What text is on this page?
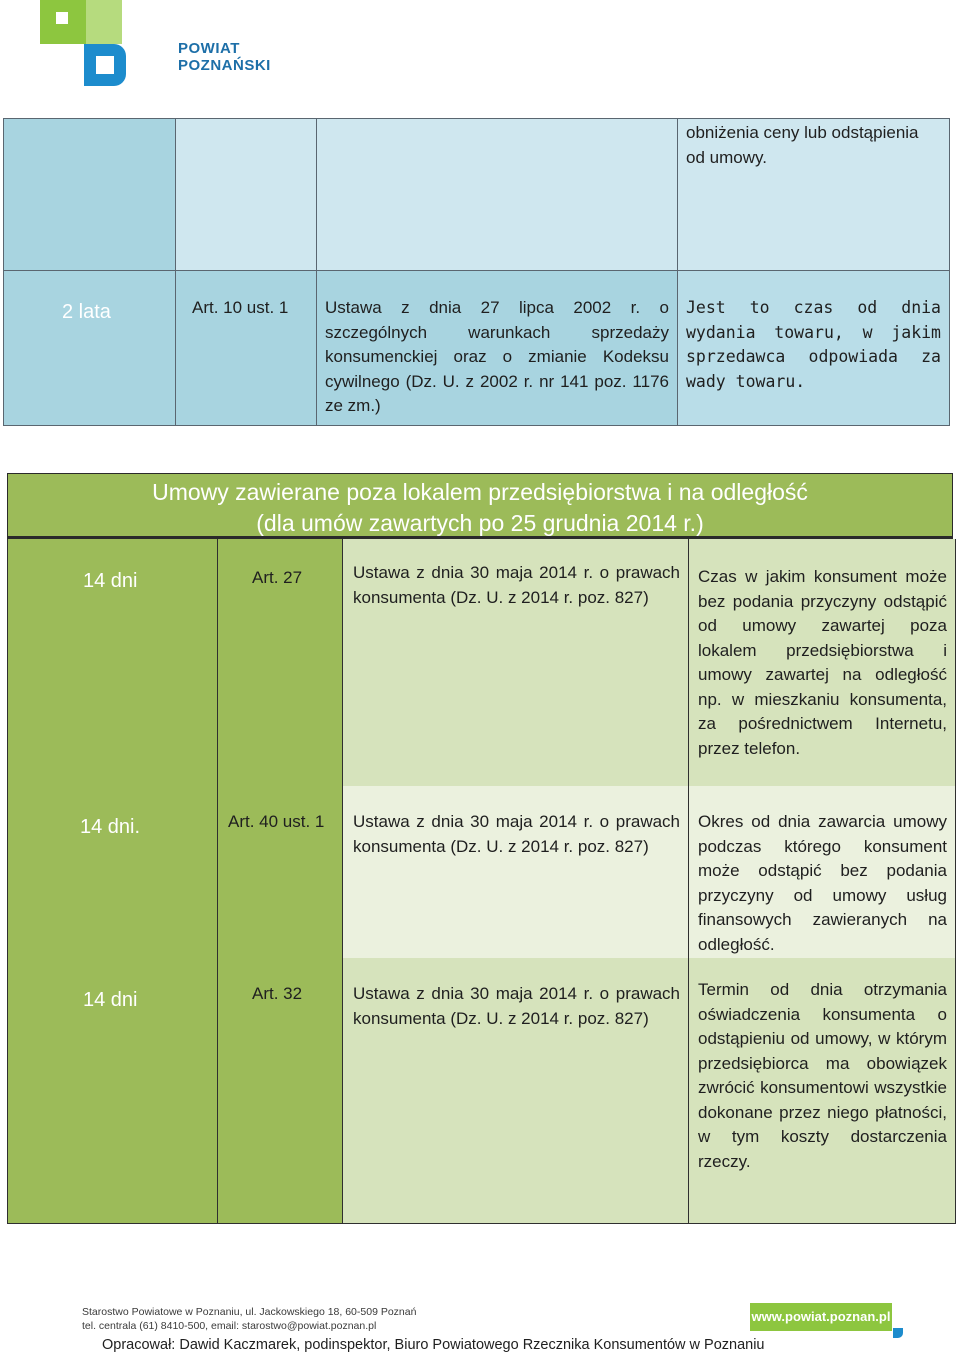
POWIAT
POZNAŃSKI

			obniżenia ceny lub odstąpienia od umowy.

2 lata	Art. 10 ust. 1	Ustawa z dnia 27 lipca 2002 r. o szczególnych warunkach sprzedaży konsumenckiej oraz o zmianie Kodeksu cywilnego (Dz. U. z 2002 r. nr 141 poz. 1176 ze zm.)	Jest to czas od dnia wydania towaru, w jakim sprzedawca odpowiada za wady towaru.
Umowy zawierane poza lokalem przedsiębiorstwa i na odległość
(dla umów zawartych po 25 grudnia 2014 r.)
14 dni	Art. 27	Ustawa z dnia 30 maja 2014 r. o prawach konsumenta (Dz. U. z 2014 r. poz. 827)	Czas w jakim konsument może bez podania przyczyny odstąpić od umowy zawartej poza lokalem przedsiębiorstwa i umowy zawartej na odległość np. w mieszkaniu konsumenta, za pośrednictwem Internetu, przez telefon.

14 dni.	Art. 40 ust. 1	Ustawa z dnia 30 maja 2014 r. o prawach konsumenta (Dz. U. z 2014 r. poz. 827)	Okres od dnia zawarcia umowy podczas którego konsument może odstąpić bez podania przyczyny od umowy usług finansowych zawieranych na odległość.

14 dni	Art. 32	Ustawa z dnia 30 maja 2014 r. o prawach konsumenta (Dz. U. z 2014 r. poz. 827)	Termin od dnia otrzymania oświadczenia konsumenta o odstąpieniu od umowy, w którym przedsiębiorca ma obowiązek zwrócić konsumentowi wszystkie dokonane przez niego płatności, w tym koszty dostarczenia rzeczy.
Starostwo Powiatowe w Poznaniu, ul. Jackowskiego 18, 60-509 Poznań
tel. centrala (61) 8410-500, email: starostwo@powiat.poznan.pl
www.powiat.poznan.pl
Opracował: Dawid Kaczmarek, podinspektor, Biuro Powiatowego Rzecznika Konsumentów w Poznaniu
